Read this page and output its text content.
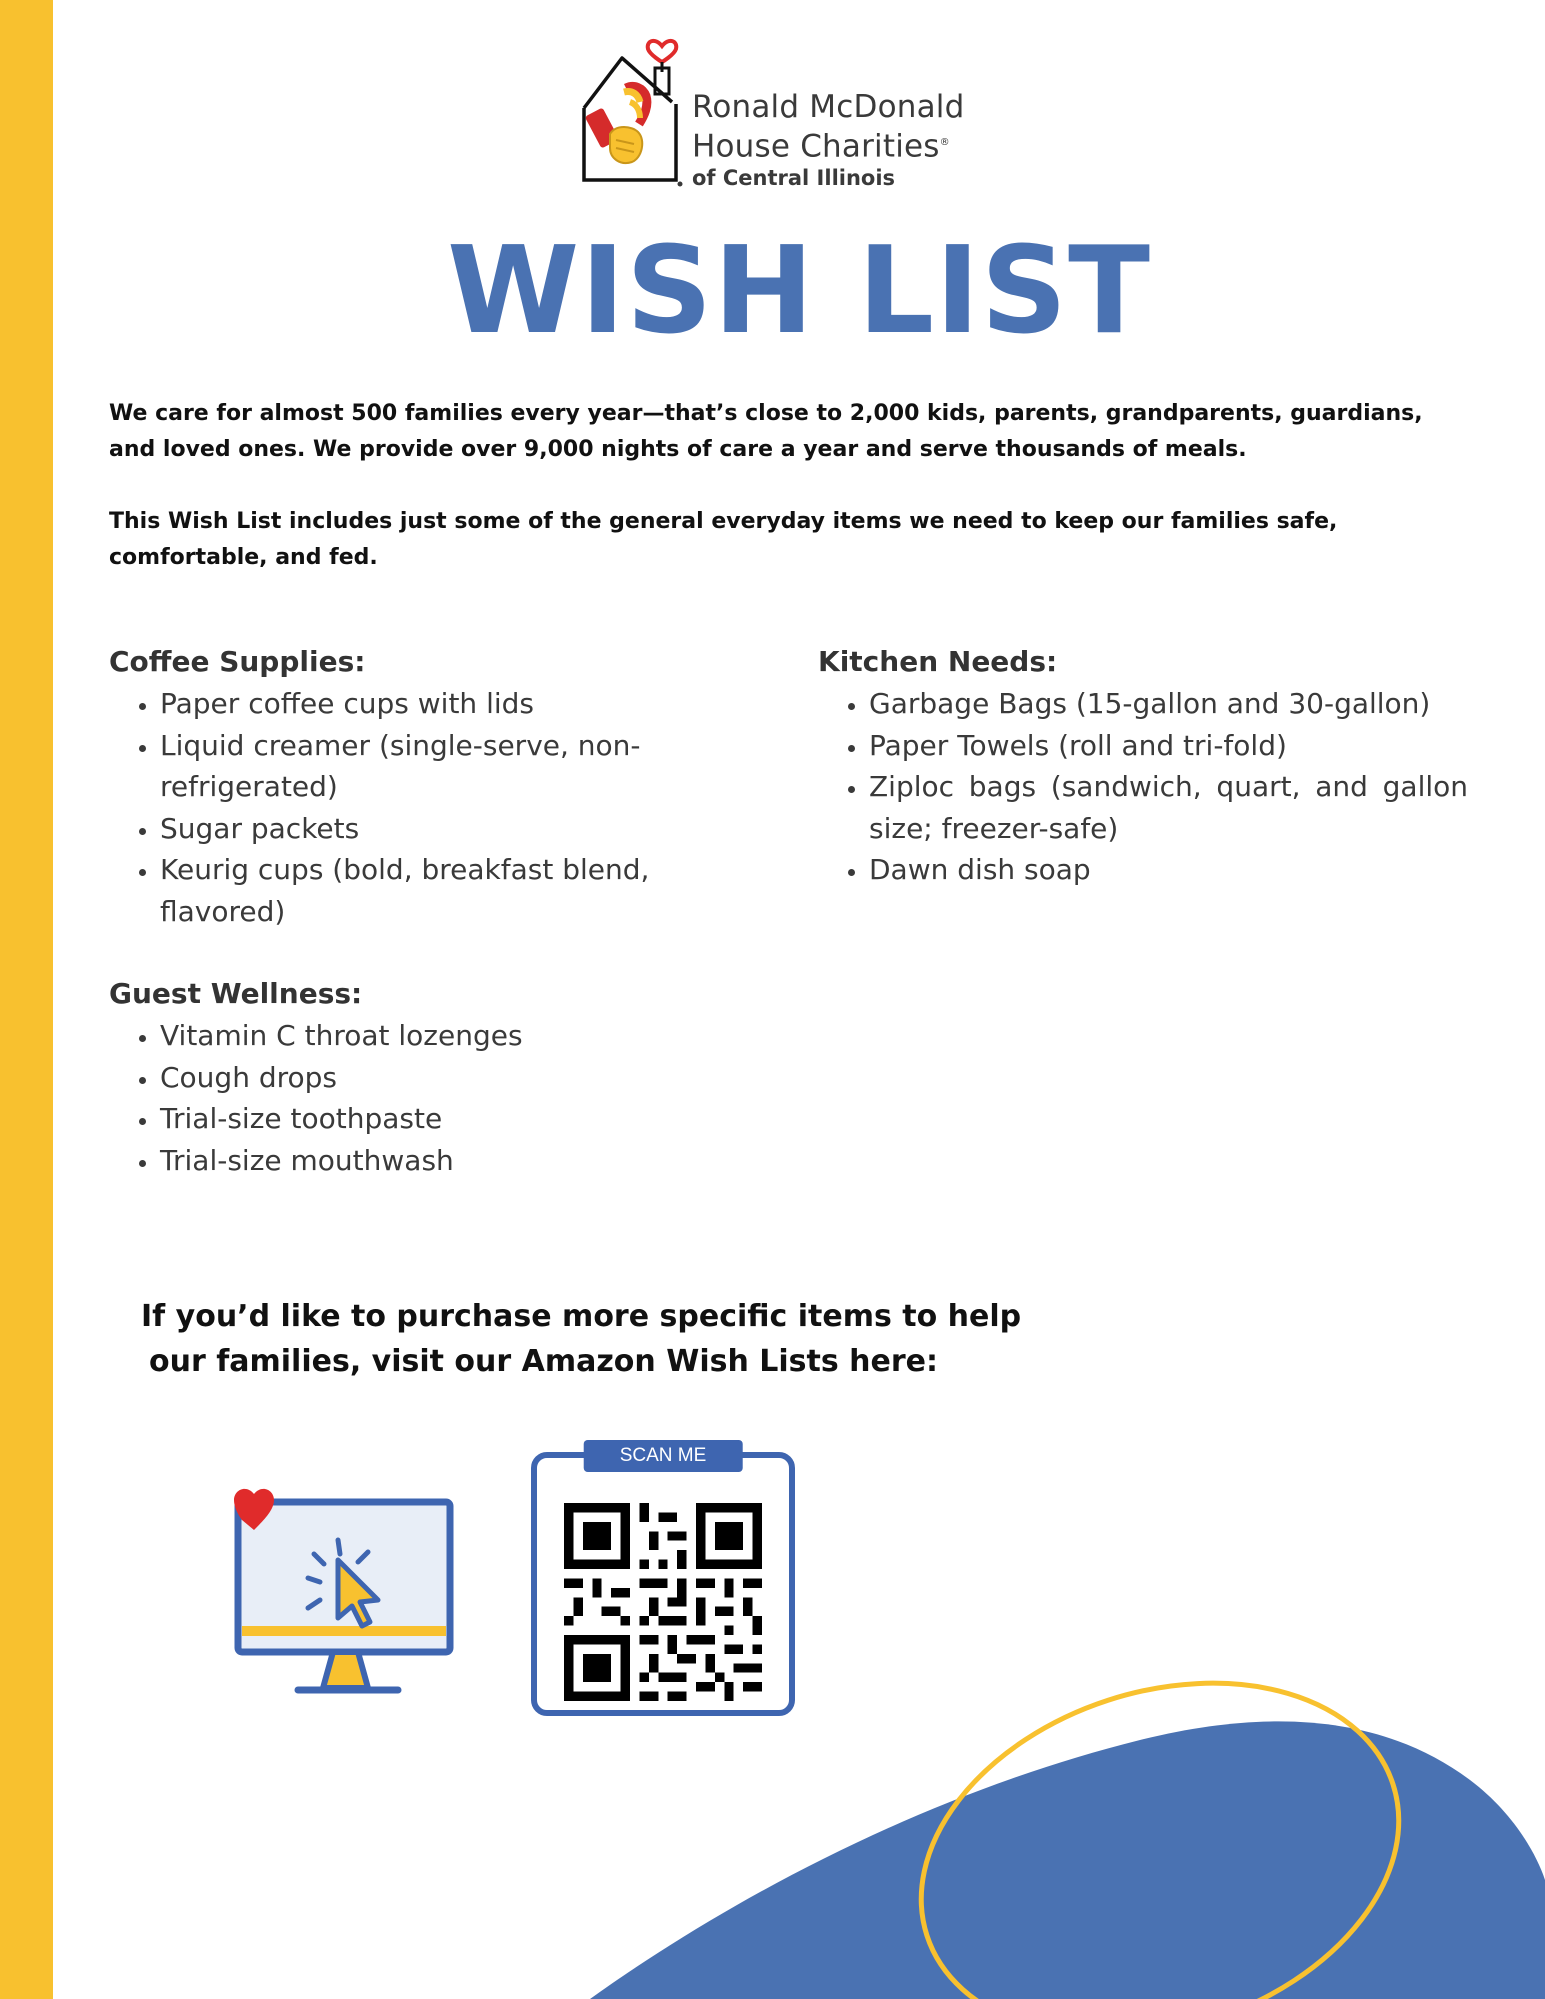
Ronald McDonald
House Charities®
of Central Illinois
WISH LIST
We care for almost 500 families every year—that’s close to 2,000 kids, parents, grandparents, guardians, and loved ones. We provide over 9,000 nights of care a year and serve thousands of meals.
This Wish List includes just some of the general everyday items we need to keep our families safe, comfortable, and fed.
Coffee Supplies:
• Paper coffee cups with lids
• Liquid creamer (single-serve, non-refrigerated)
• Sugar packets
• Keurig cups (bold, breakfast blend, flavored)
Kitchen Needs:
• Garbage Bags (15-gallon and 30-gallon)
• Paper Towels (roll and tri-fold)
• Ziploc bags (sandwich, quart, and gallon size; freezer-safe)
• Dawn dish soap
Guest Wellness:
• Vitamin C throat lozenges
• Cough drops
• Trial-size toothpaste
• Trial-size mouthwash
If you’d like to purchase more specific items to help
our families, visit our Amazon Wish Lists here:
SCAN ME
